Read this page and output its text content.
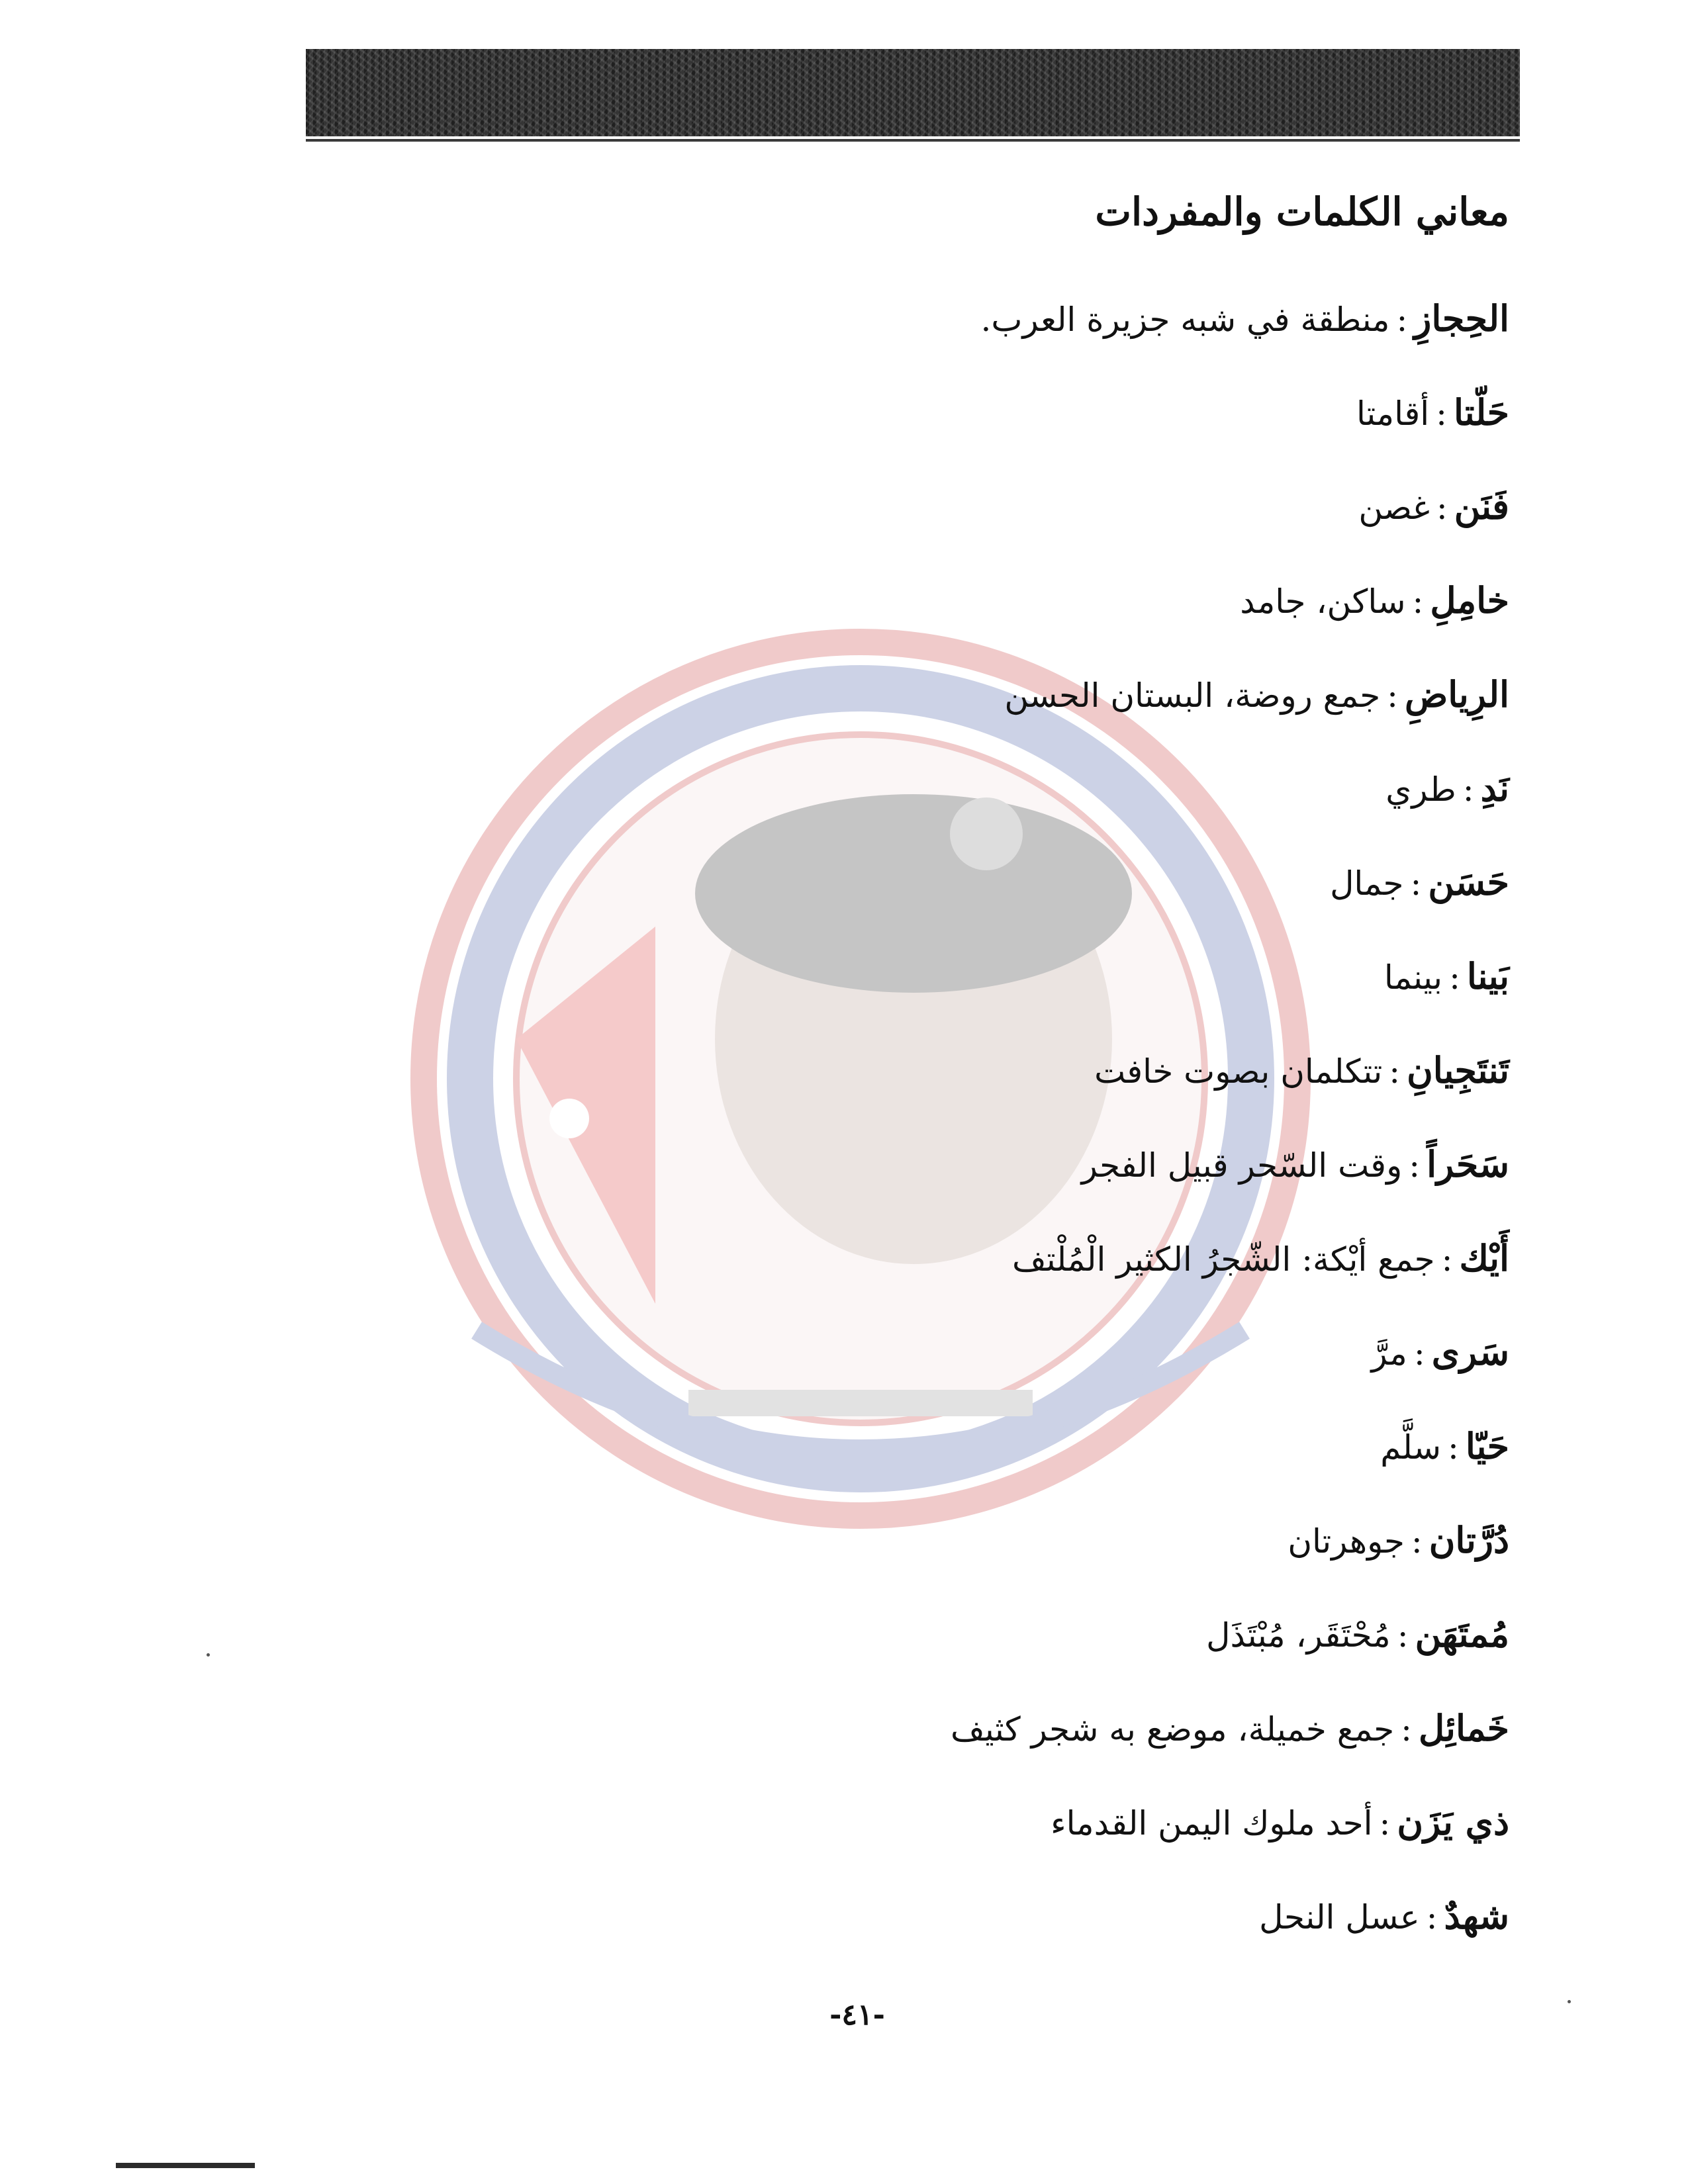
معاني الكلمات والمفردات
الحِجازِ:منطقة في شبه جزيرة العرب.
حَلّتا:أقامتا
فَنَن:غصن
خامِلِ:ساكن، جامد
الرِياضِ:جمع روضة، البستان الحسن
نَدِ:طري
حَسَن:جمال
بَينا:بينما
تَنتَجِيانِ:تتكلمان بصوت خافت
سَحَراً:وقت السّحر قبيل الفجر
أَيْك:جمع أيْكة: الشّجرُ الكثير الْمُلْتف
سَرى:مرَّ
حَيّا:سلَّم
دُرَّتان:جوهرتان
مُمتَهَن:مُحْتَقَر، مُبْتَذَل
خَمائِل:جمع خميلة، موضع به شجر كثيف
ذي يَزَن:أحد ملوك اليمن القدماء
شهدٌ:عسل النحل
-٤١-
